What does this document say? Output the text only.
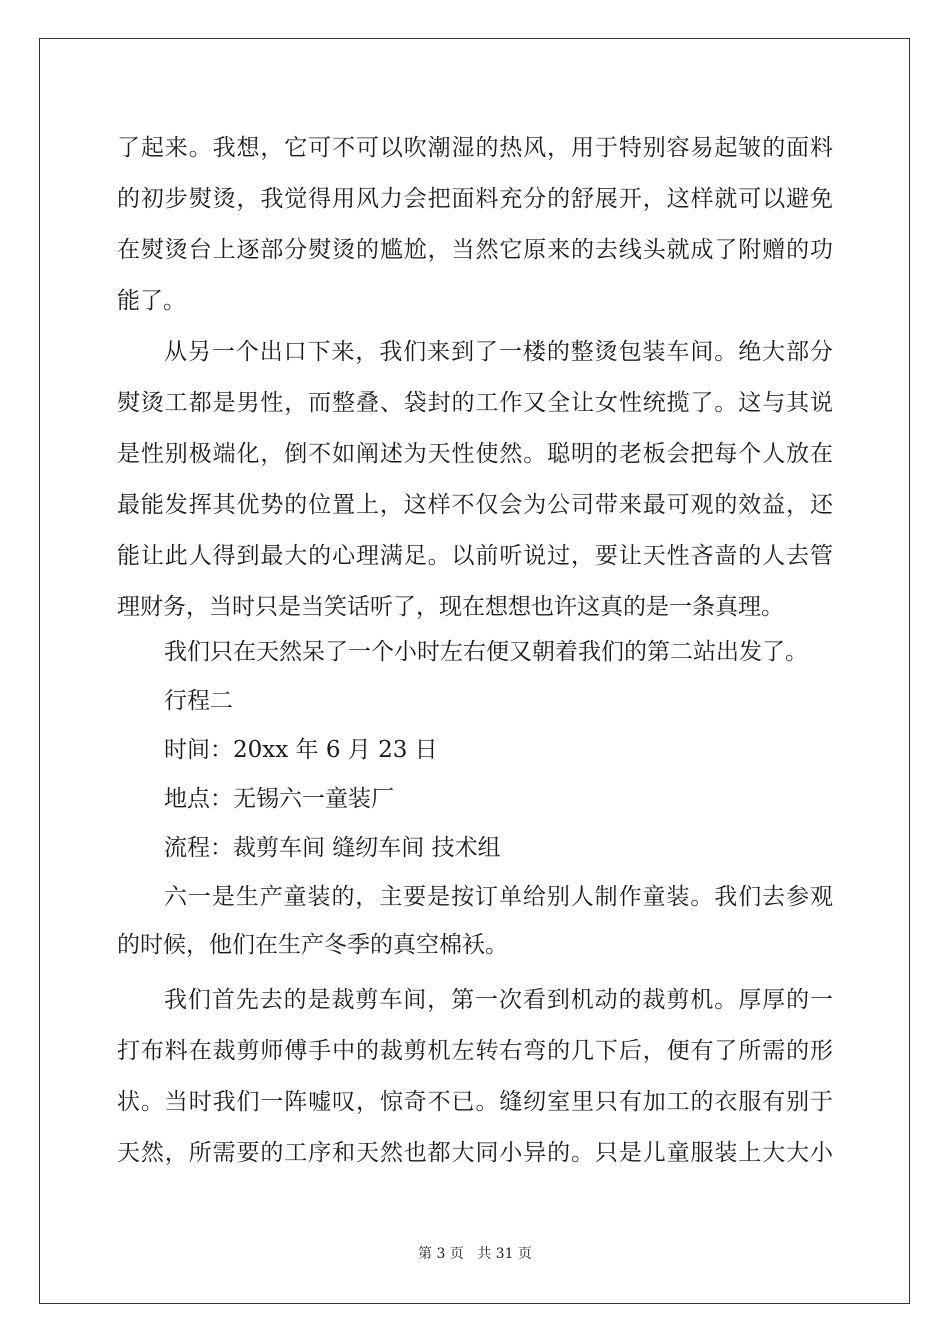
了起来。我想，它可不可以吹潮湿的热风，用于特别容易起皱的面料
的初步熨烫，我觉得用风力会把面料充分的舒展开，这样就可以避免
在熨烫台上逐部分熨烫的尴尬，当然它原来的去线头就成了附赠的功
能了。
从另一个出口下来，我们来到了一楼的整烫包装车间。绝大部分
熨烫工都是男性，而整叠、袋封的工作又全让女性统揽了。这与其说
是性别极端化，倒不如阐述为天性使然。聪明的老板会把每个人放在
最能发挥其优势的位置上，这样不仅会为公司带来最可观的效益，还
能让此人得到最大的心理满足。以前听说过，要让天性吝啬的人去管
理财务，当时只是当笑话听了，现在想想也许这真的是一条真理。
我们只在天然呆了一个小时左右便又朝着我们的第二站出发了。
行程二
时间：20xx 年 6 月 23 日
地点：无锡六一童装厂
流程：裁剪车间 缝纫车间 技术组
六一是生产童装的，主要是按订单给别人制作童装。我们去参观
的时候，他们在生产冬季的真空棉袄。
我们首先去的是裁剪车间，第一次看到机动的裁剪机。厚厚的一
打布料在裁剪师傅手中的裁剪机左转右弯的几下后，便有了所需的形
状。当时我们一阵嘘叹，惊奇不已。缝纫室里只有加工的衣服有别于
天然，所需要的工序和天然也都大同小异的。只是儿童服装上大大小
第 3 页 共 31 页
